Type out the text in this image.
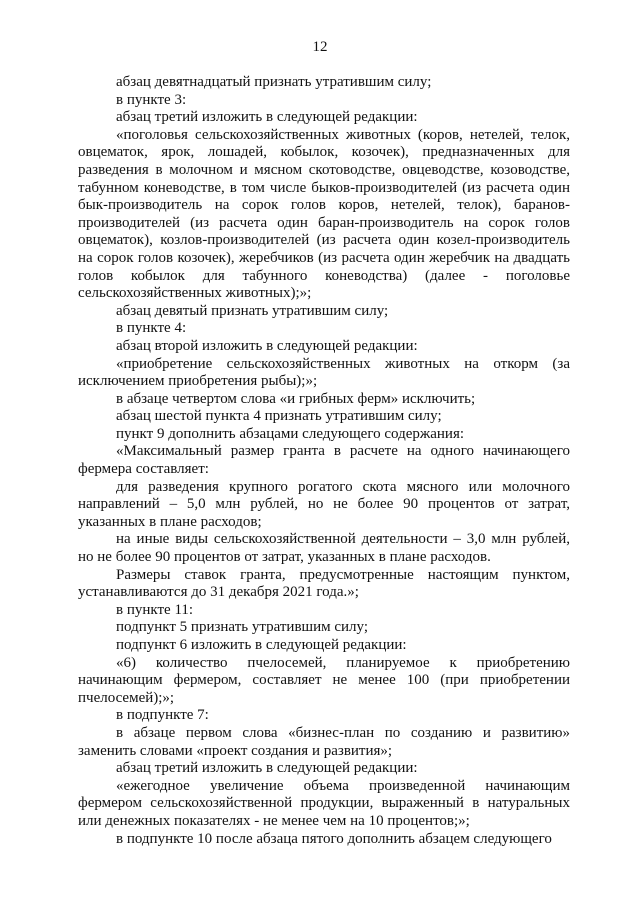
12

абзац девятнадцатый признать утратившим силу;

в пункте 3:

абзац третий изложить в следующей редакции:

«поголовья сельскохозяйственных животных (коров, нетелей, телок, овцематок, ярок, лошадей, кобылок, козочек), предназначенных для разведения в молочном и мясном скотоводстве, овцеводстве, козоводстве, табунном коневодстве, в том числе быков-производителей (из расчета один бык-производитель на сорок голов коров, нетелей, телок), баранов-производителей (из расчета один баран-производитель на сорок голов овцематок), козлов-производителей (из расчета один козел-производитель на сорок голов козочек), жеребчиков (из расчета один жеребчик на двадцать голов кобылок для табунного коневодства) (далее - поголовье сельскохозяйственных животных);»;

абзац девятый признать утратившим силу;

в пункте 4:

абзац второй изложить в следующей редакции:

«приобретение сельскохозяйственных животных на откорм (за исключением приобретения рыбы);»;

в абзаце четвертом слова «и грибных ферм» исключить;

абзац шестой пункта 4 признать утратившим силу;

пункт 9 дополнить абзацами следующего содержания:

«Максимальный размер гранта в расчете на одного начинающего фермера составляет:

для разведения крупного рогатого скота мясного или молочного направлений – 5,0 млн рублей, но не более 90 процентов от затрат, указанных в плане расходов;

на иные виды сельскохозяйственной деятельности – 3,0 млн рублей, но не более 90 процентов от затрат, указанных в плане расходов.

Размеры ставок гранта, предусмотренные настоящим пунктом, устанавливаются до 31 декабря 2021 года.»;

в пункте 11:

подпункт 5 признать утратившим силу;

подпункт 6 изложить в следующей редакции:

«6) количество пчелосемей, планируемое к приобретению начинающим фермером, составляет не менее 100 (при приобретении пчелосемей);»;

в подпункте 7:

в абзаце первом слова «бизнес-план по созданию и развитию» заменить словами «проект создания и развития»;

абзац третий изложить в следующей редакции:

«ежегодное увеличение объема произведенной начинающим фермером сельскохозяйственной продукции, выраженный в натуральных или денежных показателях - не менее чем на 10 процентов;»;

в подпункте 10 после абзаца пятого дополнить абзацем следующего
